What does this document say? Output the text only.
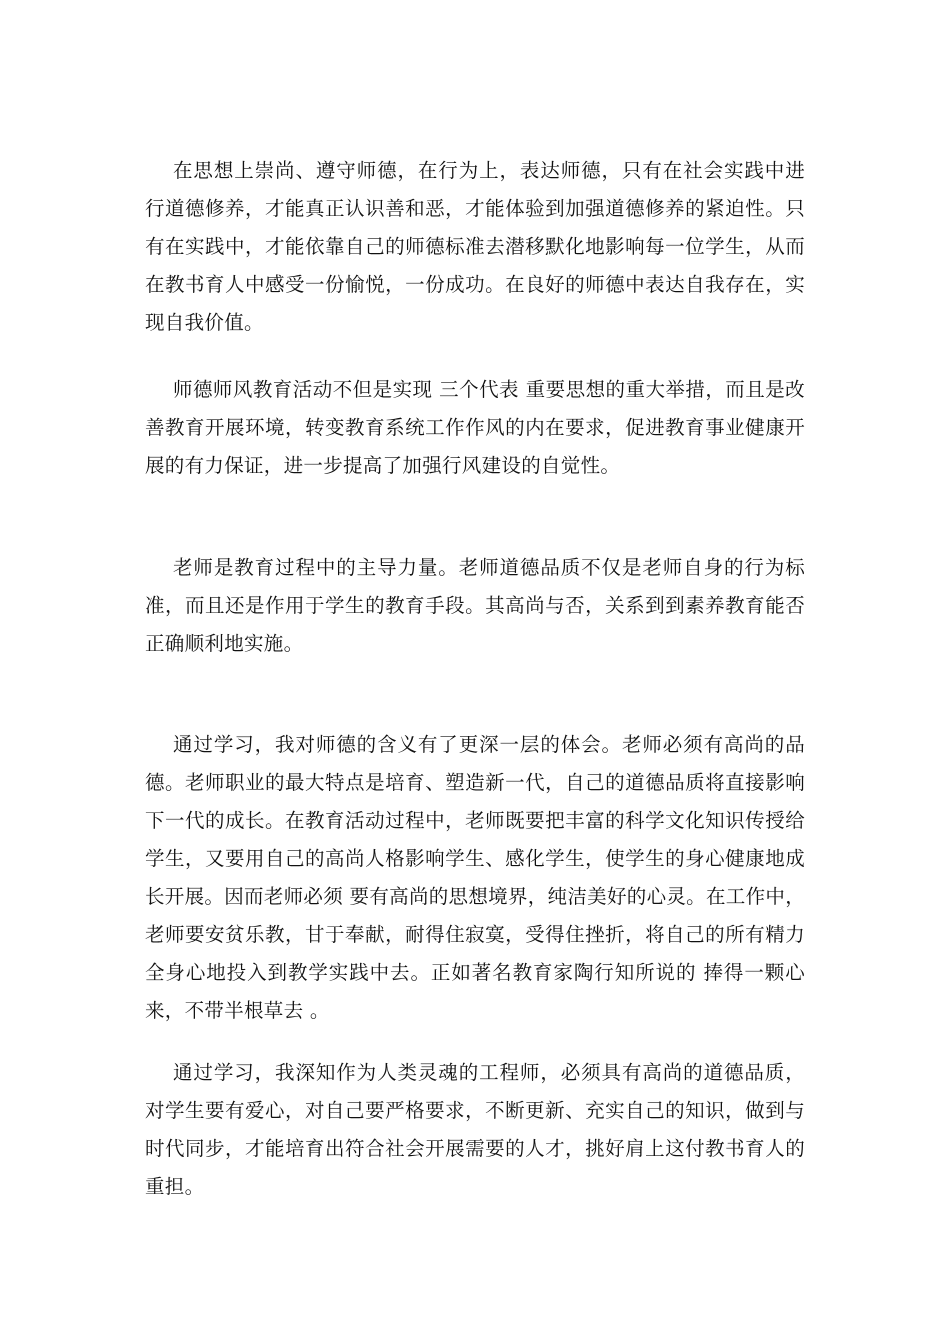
在思想上崇尚、遵守师德，在行为上，表达师德，只有在社会实践中进行道德修养，才能真正认识善和恶，才能体验到加强道德修养的紧迫性。只有在实践中，才能依靠自己的师德标准去潜移默化地影响每一位学生，从而在教书育人中感受一份愉悦，一份成功。在良好的师德中表达自我存在，实现自我价值。

师德师风教育活动不但是实现 三个代表 重要思想的重大举措，而且是改善教育开展环境，转变教育系统工作作风的内在要求，促进教育事业健康开展的有力保证，进一步提高了加强行风建设的自觉性。

老师是教育过程中的主导力量。老师道德品质不仅是老师自身的行为标准，而且还是作用于学生的教育手段。其高尚与否，关系到到素养教育能否正确顺利地实施。

通过学习，我对师德的含义有了更深一层的体会。老师必须有高尚的品德。老师职业的最大特点是培育、塑造新一代，自己的道德品质将直接影响下一代的成长。在教育活动过程中，老师既要把丰富的科学文化知识传授给学生，又要用自己的高尚人格影响学生、感化学生，使学生的身心健康地成长开展。因而老师必须 要有高尚的思想境界，纯洁美好的心灵。在工作中，老师要安贫乐教，甘于奉献，耐得住寂寞，受得住挫折，将自己的所有精力全身心地投入到教学实践中去。正如著名教育家陶行知所说的 捧得一颗心来，不带半根草去 。

通过学习，我深知作为人类灵魂的工程师，必须具有高尚的道德品质，对学生要有爱心，对自己要严格要求，不断更新、充实自己的知识，做到与时代同步，才能培育出符合社会开展需要的人才，挑好肩上这付教书育人的重担。
